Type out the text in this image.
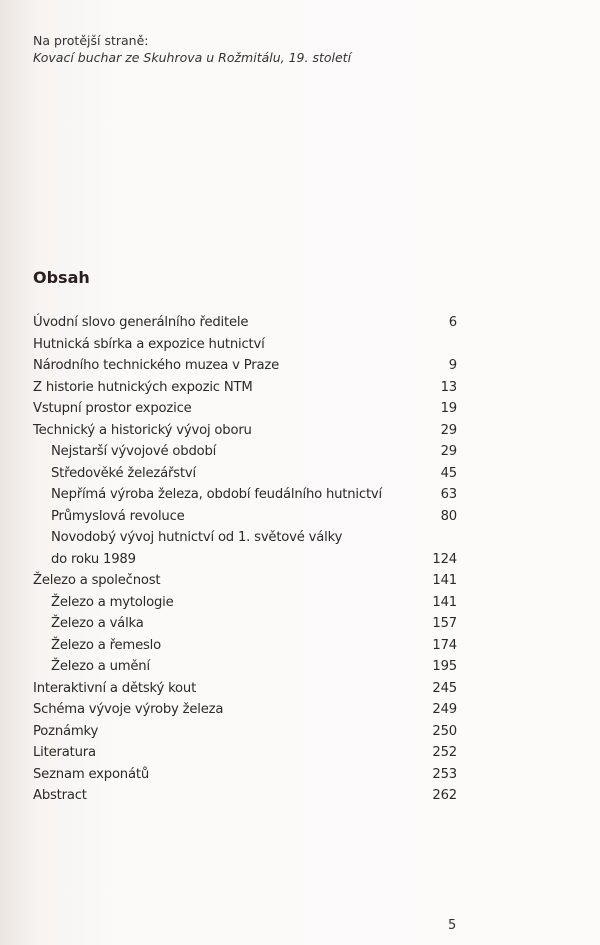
Na protější straně:
Kovací buchar ze Skuhrova u Rožmitálu, 19. století
Obsah
Úvodní slovo generálního ředitele	6
Hutnická sbírka a expozice hutnictví
Národního technického muzea v Praze	9
Z historie hutnických expozic NTM	13
Vstupní prostor expozice	19
Technický a historický vývoj oboru	29
Nejstarší vývojové období	29
Středověké železářství	45
Nepřímá výroba železa, období feudálního hutnictví	63
Průmyslová revoluce	80
Novodobý vývoj hutnictví od 1. světové války
do roku 1989	124
Železo a společnost	141
Železo a mytologie	141
Železo a válka	157
Železo a řemeslo	174
Železo a umění	195
Interaktivní a dětský kout	245
Schéma vývoje výroby železa	249
Poznámky	250
Literatura	252
Seznam exponátů	253
Abstract	262
5
